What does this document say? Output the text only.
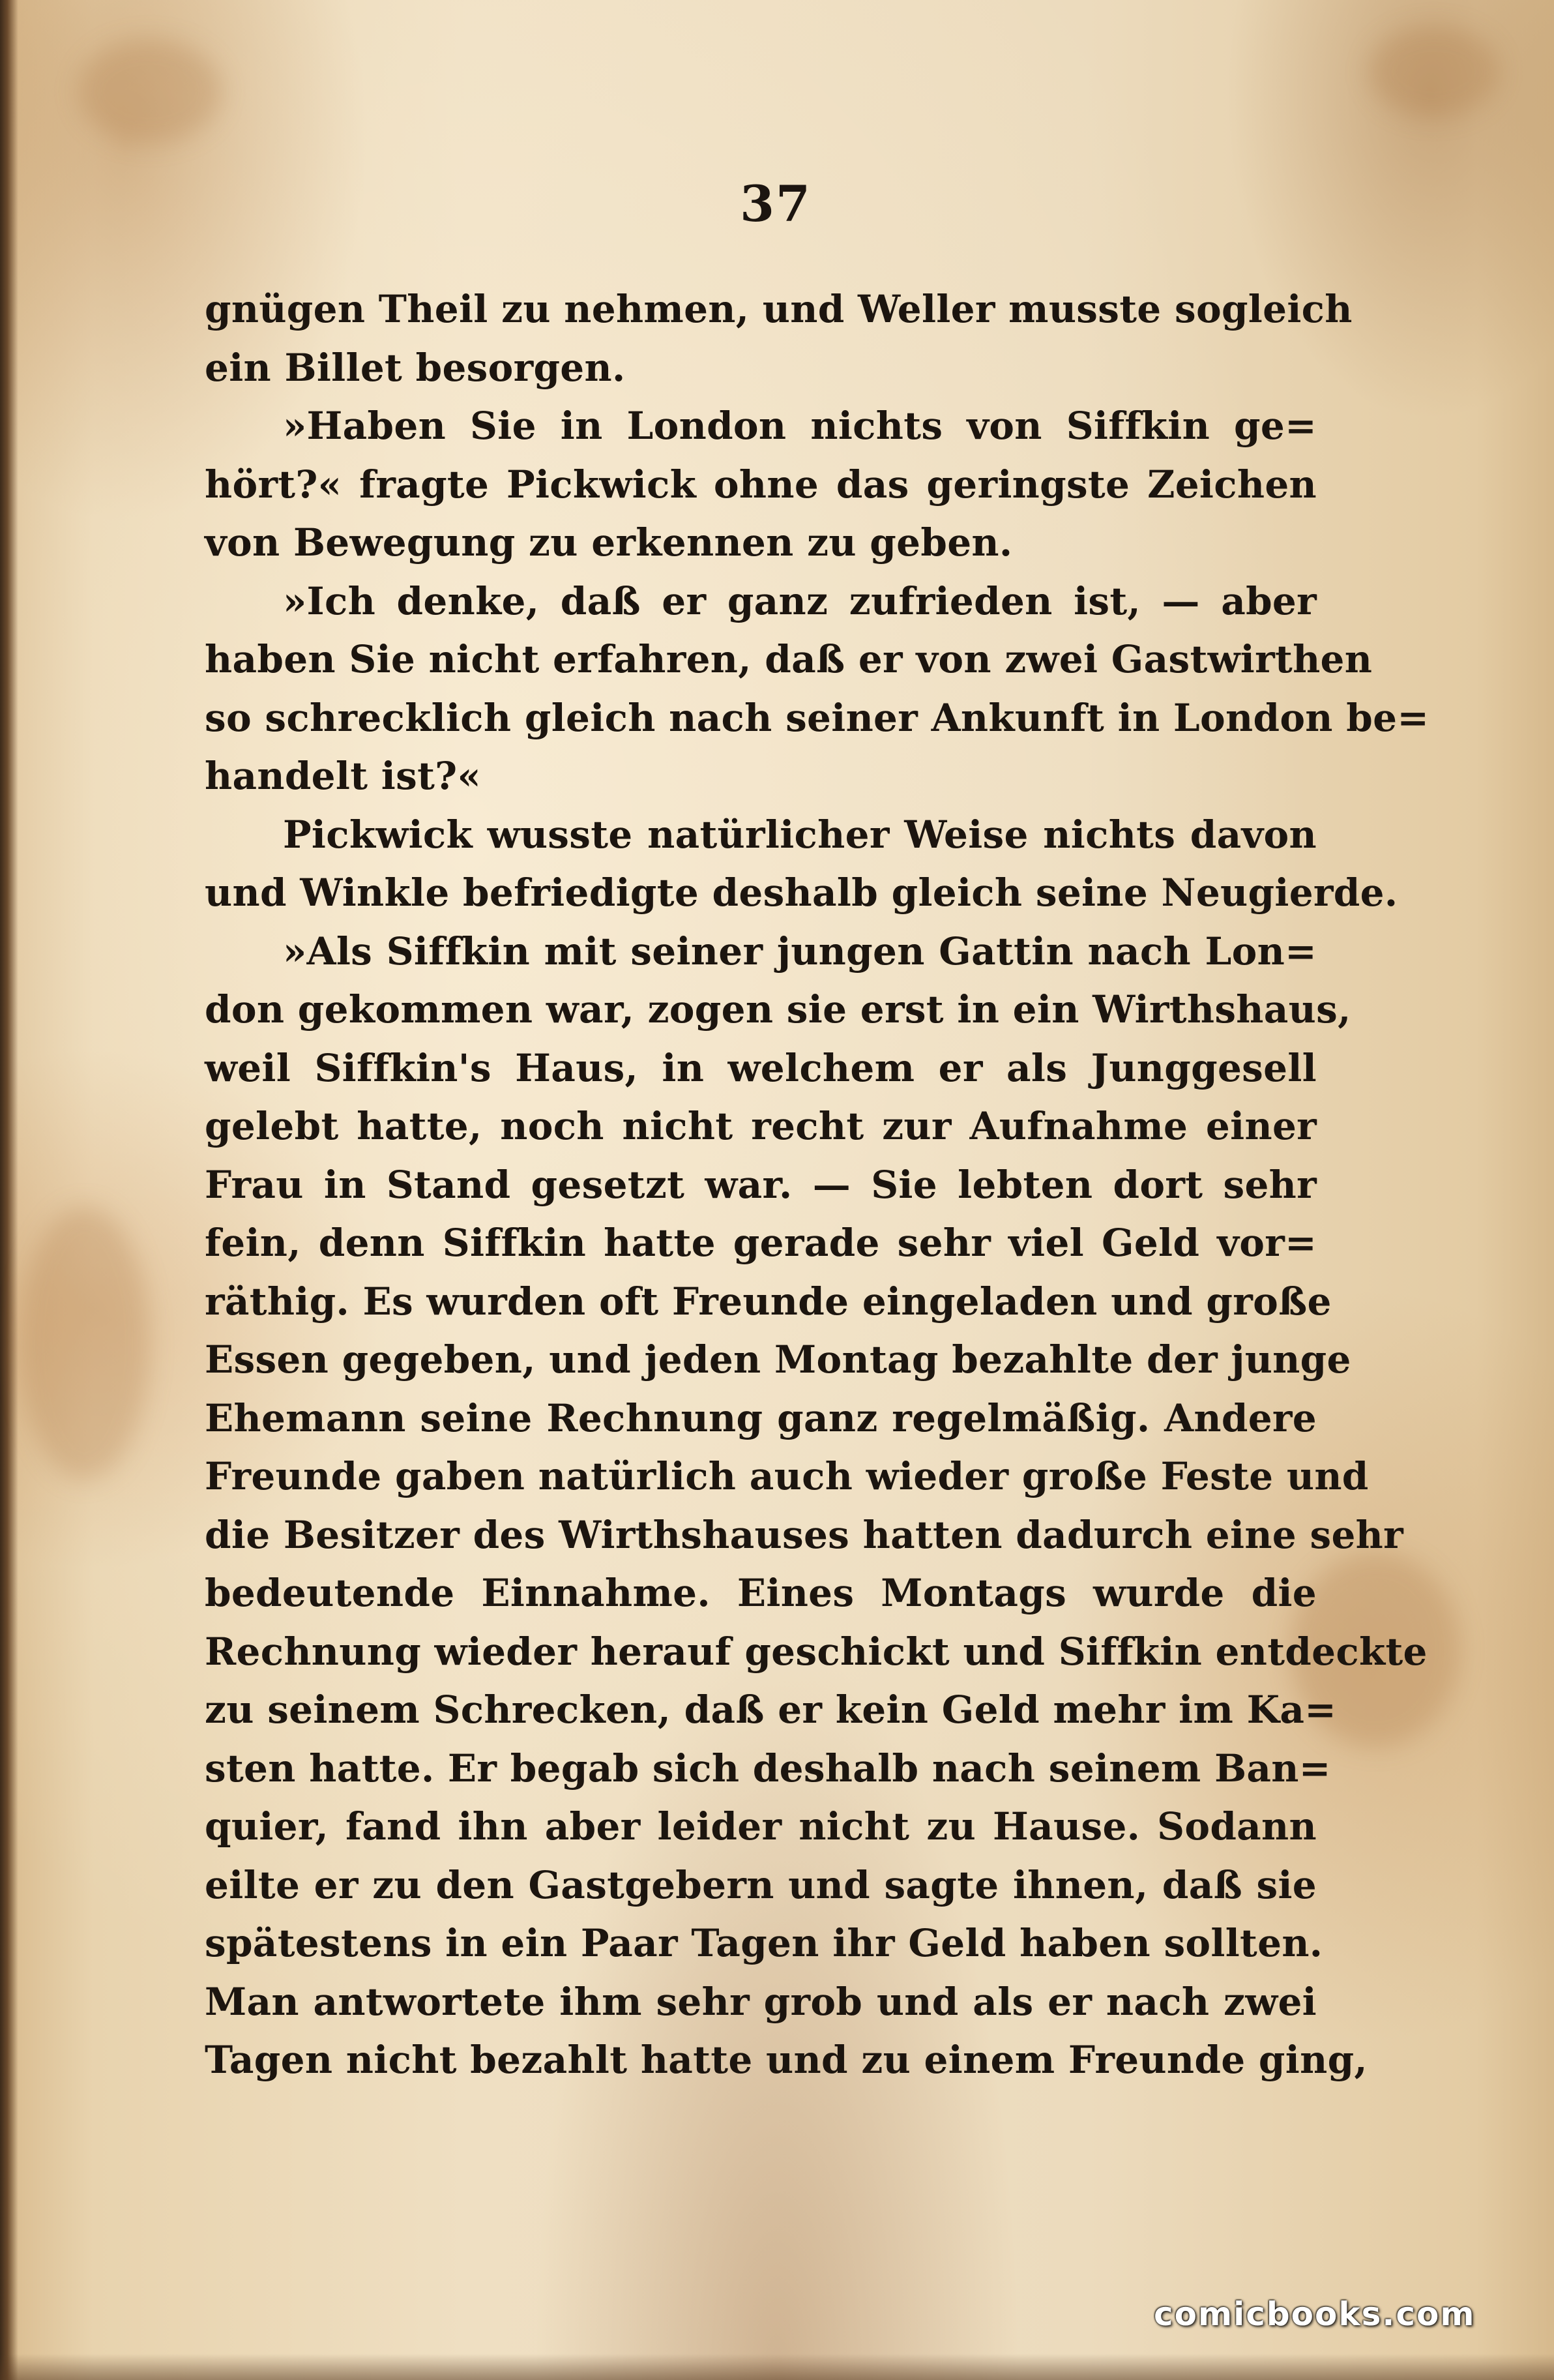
37
gnügen Theil zu nehmen, und Weller musste sogleich
ein Billet besorgen.
»Haben Sie in London nichts von Siffkin ge=
hört?« fragte Pickwick ohne das geringste Zeichen
von Bewegung zu erkennen zu geben.
»Ich denke, daß er ganz zufrieden ist, — aber
haben Sie nicht erfahren, daß er von zwei Gastwirthen
so schrecklich gleich nach seiner Ankunft in London be=
handelt ist?«
Pickwick wusste natürlicher Weise nichts davon
und Winkle befriedigte deshalb gleich seine Neugierde.
»Als Siffkin mit seiner jungen Gattin nach Lon=
don gekommen war, zogen sie erst in ein Wirthshaus,
weil Siffkin's Haus, in welchem er als Junggesell
gelebt hatte, noch nicht recht zur Aufnahme einer
Frau in Stand gesetzt war. — Sie lebten dort sehr
fein, denn Siffkin hatte gerade sehr viel Geld vor=
räthig. Es wurden oft Freunde eingeladen und große
Essen gegeben, und jeden Montag bezahlte der junge
Ehemann seine Rechnung ganz regelmäßig. Andere
Freunde gaben natürlich auch wieder große Feste und
die Besitzer des Wirthshauses hatten dadurch eine sehr
bedeutende Einnahme. Eines Montags wurde die
Rechnung wieder herauf geschickt und Siffkin entdeckte
zu seinem Schrecken, daß er kein Geld mehr im Ka=
sten hatte. Er begab sich deshalb nach seinem Ban=
quier, fand ihn aber leider nicht zu Hause. Sodann
eilte er zu den Gastgebern und sagte ihnen, daß sie
spätestens in ein Paar Tagen ihr Geld haben sollten.
Man antwortete ihm sehr grob und als er nach zwei
Tagen nicht bezahlt hatte und zu einem Freunde ging,
comicbooks.com
